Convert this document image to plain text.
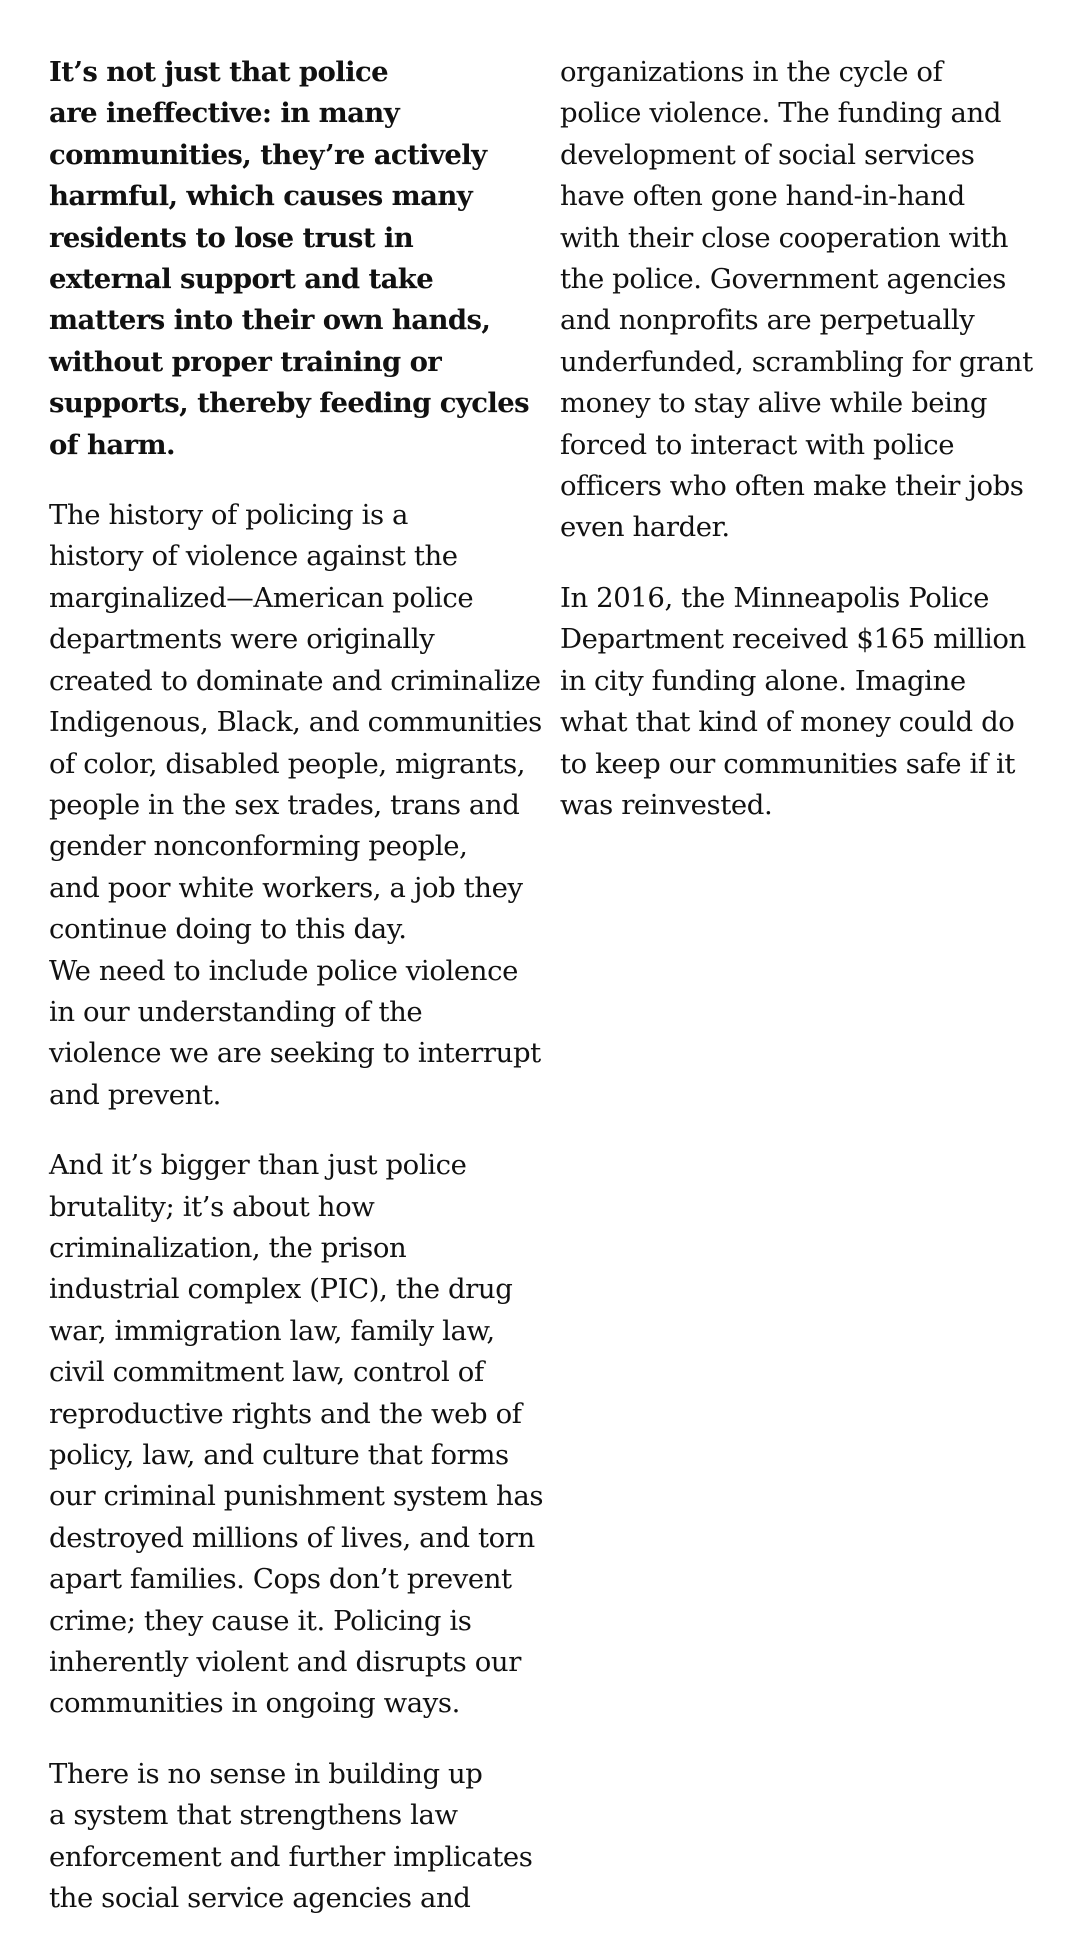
It’s not just that police
are ineffective: in many
communities, they’re actively
harmful, which causes many
residents to lose trust in
external support and take
matters into their own hands,
without proper training or
supports, thereby feeding cycles
of harm.

The history of policing is a
history of violence against the
marginalized—American police
departments were originally
created to dominate and criminalize
Indigenous, Black, and communities
of color, disabled people, migrants,
people in the sex trades, trans and
gender nonconforming people,
and poor white workers, a job they
continue doing to this day.
We need to include police violence
in our understanding of the
violence we are seeking to interrupt
and prevent.

And it’s bigger than just police
brutality; it’s about how
criminalization, the prison
industrial complex (PIC), the drug
war, immigration law, family law,
civil commitment law, control of
reproductive rights and the web of
policy, law, and culture that forms
our criminal punishment system has
destroyed millions of lives, and torn
apart families. Cops don’t prevent
crime; they cause it. Policing is
inherently violent and disrupts our
communities in ongoing ways.

There is no sense in building up
a system that strengthens law
enforcement and further implicates
the social service agencies and

organizations in the cycle of
police violence. The funding and
development of social services
have often gone hand-in-hand
with their close cooperation with
the police. Government agencies
and nonprofits are perpetually
underfunded, scrambling for grant
money to stay alive while being
forced to interact with police
officers who often make their jobs
even harder.

In 2016, the Minneapolis Police
Department received $165 million
in city funding alone. Imagine
what that kind of money could do
to keep our communities safe if it
was reinvested.
